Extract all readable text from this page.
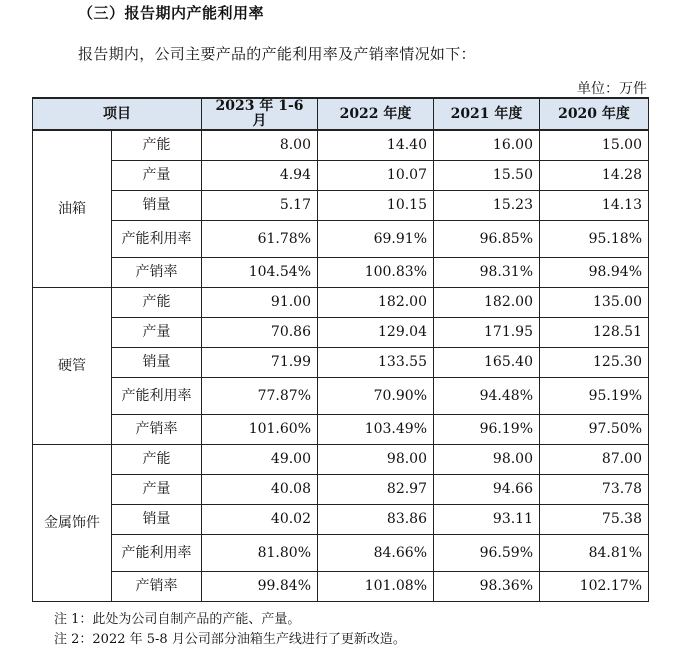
（三）报告期内产能利用率
报告期内，公司主要产品的产能利用率及产销率情况如下：
单位：万件
项目		2023 年 1-6 月	2022 年度	2021 年度	2020 年度
油箱	产能	8.00	14.40	16.00	15.00
	产量	4.94	10.07	15.50	14.28
	销量	5.17	10.15	15.23	14.13
	产能利用率	61.78%	69.91%	96.85%	95.18%
	产销率	104.54%	100.83%	98.31%	98.94%
硬管	产能	91.00	182.00	182.00	135.00
	产量	70.86	129.04	171.95	128.51
	销量	71.99	133.55	165.40	125.30
	产能利用率	77.87%	70.90%	94.48%	95.19%
	产销率	101.60%	103.49%	96.19%	97.50%
金属饰件	产能	49.00	98.00	98.00	87.00
	产量	40.08	82.97	94.66	73.78
	销量	40.02	83.86	93.11	75.38
	产能利用率	81.80%	84.66%	96.59%	84.81%
	产销率	99.84%	101.08%	98.36%	102.17%
注 1：此处为公司自制产品的产能、产量。
注 2：2022 年 5-8 月公司部分油箱生产线进行了更新改造。
